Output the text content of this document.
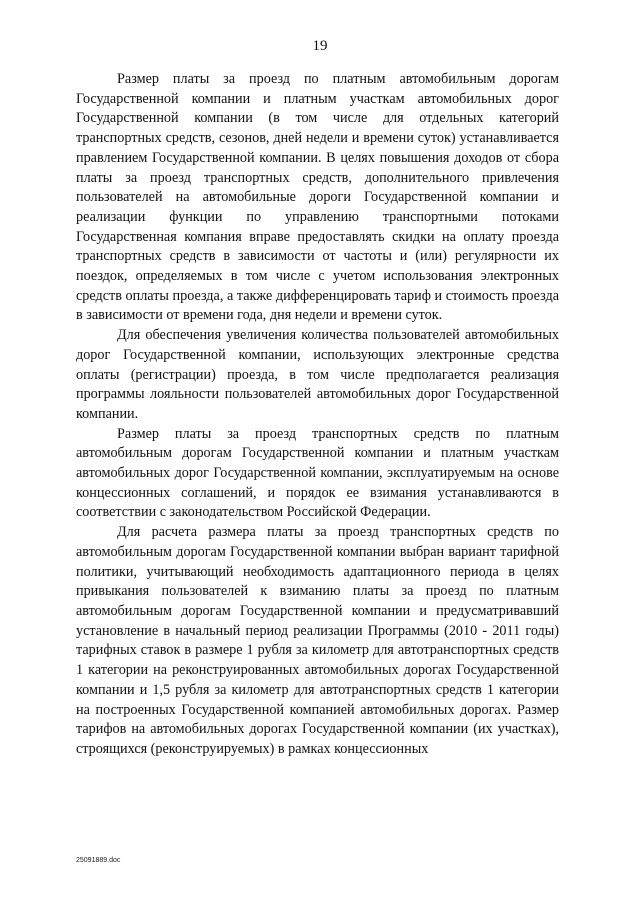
19

Размер платы за проезд по платным автомобильным дорогам Государственной компании и платным участкам автомобильных дорог Государственной компании (в том числе для отдельных категорий транспортных средств, сезонов, дней недели и времени суток) устанавливается правлением Государственной компании. В целях повышения доходов от сбора платы за проезд транспортных средств, дополнительного привлечения пользователей на автомобильные дороги Государственной компании и реализации функции по управлению транспортными потоками Государственная компания вправе предоставлять скидки на оплату проезда транспортных средств в зависимости от частоты и (или) регулярности их поездок, определяемых в том числе с учетом использования электронных средств оплаты проезда, а также дифференцировать тариф и стоимость проезда в зависимости от времени года, дня недели и времени суток.

Для обеспечения увеличения количества пользователей автомобильных дорог Государственной компании, использующих электронные средства оплаты (регистрации) проезда, в том числе предполагается реализация программы лояльности пользователей автомобильных дорог Государственной компании.

Размер платы за проезд транспортных средств по платным автомобильным дорогам Государственной компании и платным участкам автомобильных дорог Государственной компании, эксплуатируемым на основе концессионных соглашений, и порядок ее взимания устанавливаются в соответствии с законодательством Российской Федерации.

Для расчета размера платы за проезд транспортных средств по автомобильным дорогам Государственной компании выбран вариант тарифной политики, учитывающий необходимость адаптационного периода в целях привыкания пользователей к взиманию платы за проезд по платным автомобильным дорогам Государственной компании и предусматривавший установление в начальный период реализации Программы (2010 - 2011 годы) тарифных ставок в размере 1 рубля за километр для автотранспортных средств 1 категории на реконструированных автомобильных дорогах Государственной компании и 1,5 рубля за километр для автотранспортных средств 1 категории на построенных Государственной компанией автомобильных дорогах. Размер тарифов на автомобильных дорогах Государственной компании (их участках), строящихся (реконструируемых) в рамках концессионных

25091889.doc
